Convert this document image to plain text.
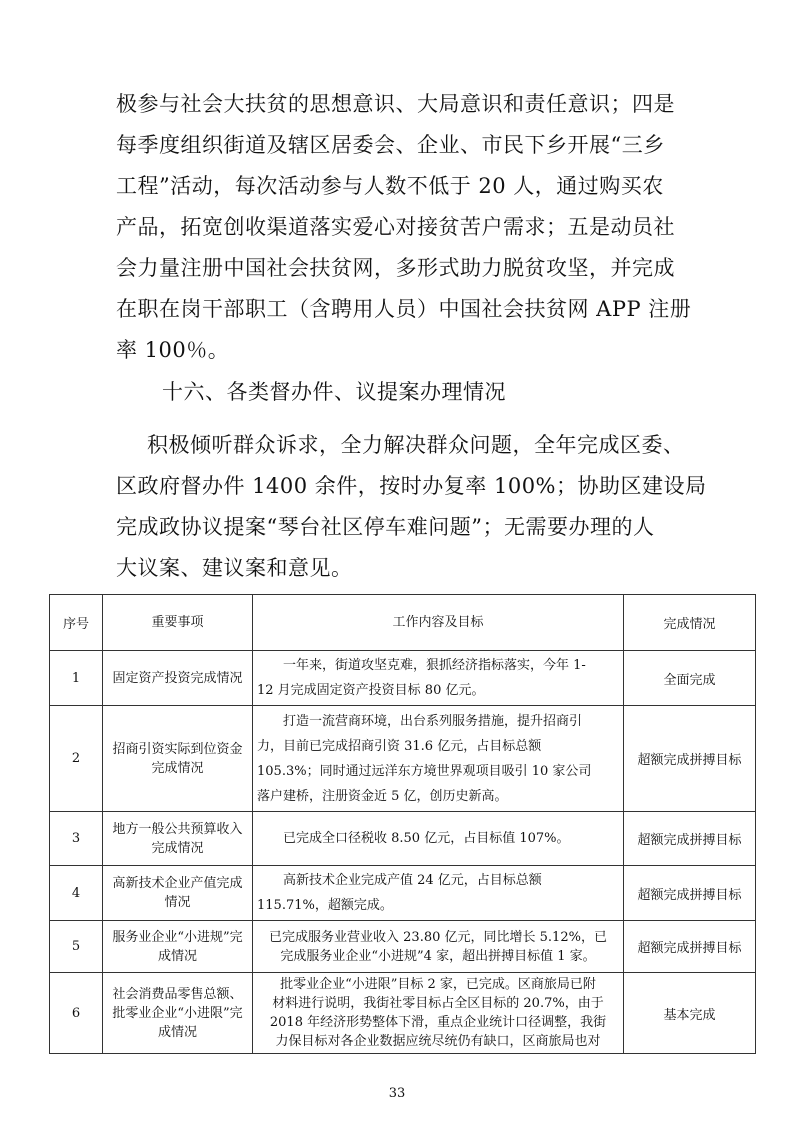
极参与社会大扶贫的思想意识、大局意识和责任意识；四是

每季度组织街道及辖区居委会、企业、市民下乡开展“三乡

工程”活动，每次活动参与人数不低于 20 人，通过购买农

产品，拓宽创收渠道落实爱心对接贫苦户需求；五是动员社

会力量注册中国社会扶贫网，多形式助力脱贫攻坚，并完成

在职在岗干部职工（含聘用人员）中国社会扶贫网 APP 注册

率 100％。

十六、各类督办件、议提案办理情况

积极倾听群众诉求，全力解决群众问题，全年完成区委、

区政府督办件 1400 余件，按时办复率 100%；协助区建设局

完成政协议提案“琴台社区停车难问题”；无需要办理的人

大议案、建议案和意见。

序号	重要事项	工作内容及目标	完成情况
1	固定资产投资完成情况	一年来，街道攻坚克难，狠抓经济指标落实，今年 1-
12 月完成固定资产投资目标 80 亿元。	全面完成
2	招商引资实际到位资金完成情况	打造一流营商环境，出台系列服务措施，提升招商引
力，目前已完成招商引资 31.6 亿元，占目标总额
105.3%；同时通过远洋东方境世界观项目吸引 10 家公司
落户建桥，注册资金近 5 亿，创历史新高。	超额完成拼搏目标
3	地方一般公共预算收入完成情况	已完成全口径税收 8.50 亿元，占目标值 107%。	超额完成拼搏目标
4	高新技术企业产值完成情况	高新技术企业完成产值 24 亿元，占目标总额
115.71%，超额完成。	超额完成拼搏目标
5	服务业企业“小进规”完成情况	已完成服务业营业收入 23.80 亿元，同比增长 5.12%，已
完成服务业企业“小进规”4 家，超出拼搏目标值 1 家。	超额完成拼搏目标
6	社会消费品零售总额、批零业企业“小进限”完成情况	批零业企业“小进限”目标 2 家，已完成。区商旅局已附
材料进行说明，我街社零目标占全区目标的 20.7%，由于
2018 年经济形势整体下滑，重点企业统计口径调整，我街
力保目标对各企业数据应统尽统仍有缺口，区商旅局也对	基本完成
33
